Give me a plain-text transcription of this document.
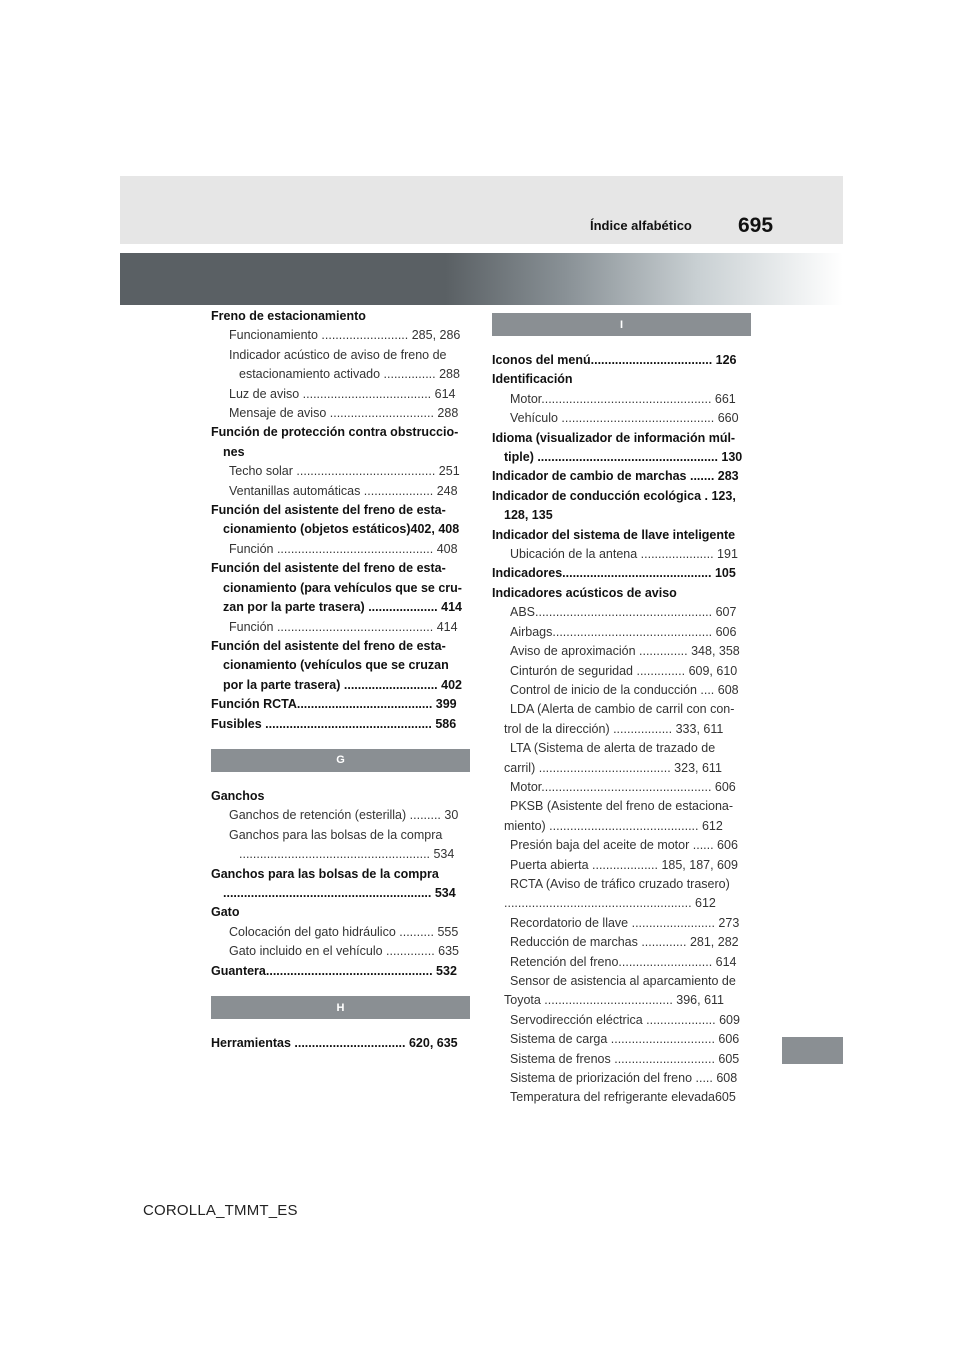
Índice alfabético 695
Freno de estacionamiento
Funcionamiento ......................... 285, 286
Indicador acústico de aviso de freno de
estacionamiento activado ............... 288
Luz de aviso ..................................... 614
Mensaje de aviso .............................. 288
Función de protección contra obstruccio-
nes
Techo solar ........................................ 251
Ventanillas automáticas .................... 248
Función del asistente del freno de esta-
cionamiento (objetos estáticos)402, 408
Función ............................................. 408
Función del asistente del freno de esta-
cionamiento (para vehículos que se cru-
zan por la parte trasera) .................... 414
Función ............................................. 414
Función del asistente del freno de esta-
cionamiento (vehículos que se cruzan
por la parte trasera) ........................... 402
Función RCTA....................................... 399
Fusibles ................................................ 586
G
Ganchos
Ganchos de retención (esterilla) ......... 30
Ganchos para las bolsas de la compra
....................................................... 534
Ganchos para las bolsas de la compra
............................................................ 534
Gato
Colocación del gato hidráulico .......... 555
Gato incluido en el vehículo .............. 635
Guantera................................................ 532
H
Herramientas ................................ 620, 635
I
Iconos del menú................................... 126
Identificación
Motor................................................. 661
Vehículo ............................................ 660
Idioma (visualizador de información múl-
tiple) .................................................... 130
Indicador de cambio de marchas ....... 283
Indicador de conducción ecológica . 123,
128, 135
Indicador del sistema de llave inteligente
Ubicación de la antena ..................... 191
Indicadores........................................... 105
Indicadores acústicos de aviso
ABS................................................... 607
Airbags.............................................. 606
Aviso de aproximación .............. 348, 358
Cinturón de seguridad .............. 609, 610
Control de inicio de la conducción .... 608
LDA (Alerta de cambio de carril con con-
trol de la dirección) ................. 333, 611
LTA (Sistema de alerta de trazado de
carril) ...................................... 323, 611
Motor................................................. 606
PKSB (Asistente del freno de estaciona-
miento) ........................................... 612
Presión baja del aceite de motor ...... 606
Puerta abierta ................... 185, 187, 609
RCTA (Aviso de tráfico cruzado trasero)
...................................................... 612
Recordatorio de llave ........................ 273
Reducción de marchas ............. 281, 282
Retención del freno........................... 614
Sensor de asistencia al aparcamiento de
Toyota ..................................... 396, 611
Servodirección eléctrica .................... 609
Sistema de carga .............................. 606
Sistema de frenos ............................. 605
Sistema de priorización del freno ..... 608
Temperatura del refrigerante elevada605
COROLLA_TMMT_ES
